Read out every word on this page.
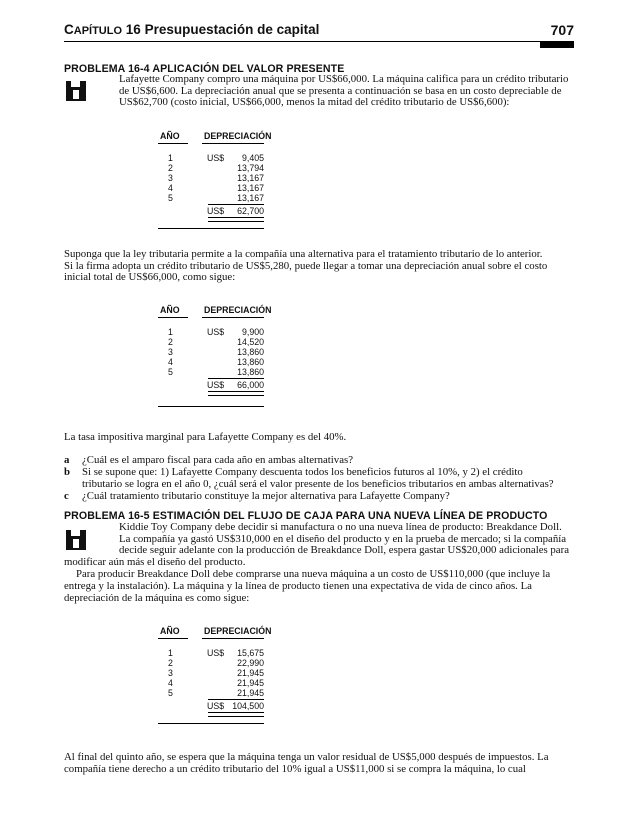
CAPÍTULO 16 Presupuestación de capital	707
PROBLEMA 16-4 APLICACIÓN DEL VALOR PRESENTE
Lafayette Company compro una máquina por US$66,000. La máquina califica para un crédito tributario
de US$6,600. La depreciación anual que se presenta a continuación se basa en un costo depreciable de
US$62,700 (costo inicial, US$66,000, menos la mitad del crédito tributario de US$6,600):
AÑO	DEPRECIACIÓN
1	US$ 9,405
2	13,794
3	13,167
4	13,167
5	13,167
US$ 62,700
Suponga que la ley tributaria permite a la compañía una alternativa para el tratamiento tributario de lo anterior.
Si la firma adopta un crédito tributario de US$5,280, puede llegar a tomar una depreciación anual sobre el costo
inicial total de US$66,000, como sigue:
AÑO	DEPRECIACIÓN
1	US$ 9,900
2	14,520
3	13,860
4	13,860
5	13,860
US$ 66,000
La tasa impositiva marginal para Lafayette Company es del 40%.
a ¿Cuál es el amparo fiscal para cada año en ambas alternativas?
b Si se supone que: 1) Lafayette Company descuenta todos los beneficios futuros al 10%, y 2) el crédito
tributario se logra en el año 0, ¿cuál será el valor presente de los beneficios tributarios en ambas alternativas?
c ¿Cuál tratamiento tributario constituye la mejor alternativa para Lafayette Company?
PROBLEMA 16-5 ESTIMACIÓN DEL FLUJO DE CAJA PARA UNA NUEVA LÍNEA DE PRODUCTO
Kiddie Toy Company debe decidir si manufactura o no una nueva línea de producto: Breakdance Doll.
La compañía ya gastó US$310,000 en el diseño del producto y en la prueba de mercado; si la compañía
decide seguir adelante con la producción de Breakdance Doll, espera gastar US$20,000 adicionales para
modificar aún más el diseño del producto.
Para producir Breakdance Doll debe comprarse una nueva máquina a un costo de US$110,000 (que incluye la
entrega y la instalación). La máquina y la línea de producto tienen una expectativa de vida de cinco años. La
depreciación de la máquina es como sigue:
AÑO	DEPRECIACIÓN
1	US$ 15,675
2	22,990
3	21,945
4	21,945
5	21,945
US$ 104,500
Al final del quinto año, se espera que la máquina tenga un valor residual de US$5,000 después de impuestos. La
compañía tiene derecho a un crédito tributario del 10% igual a US$11,000 si se compra la máquina, lo cual
